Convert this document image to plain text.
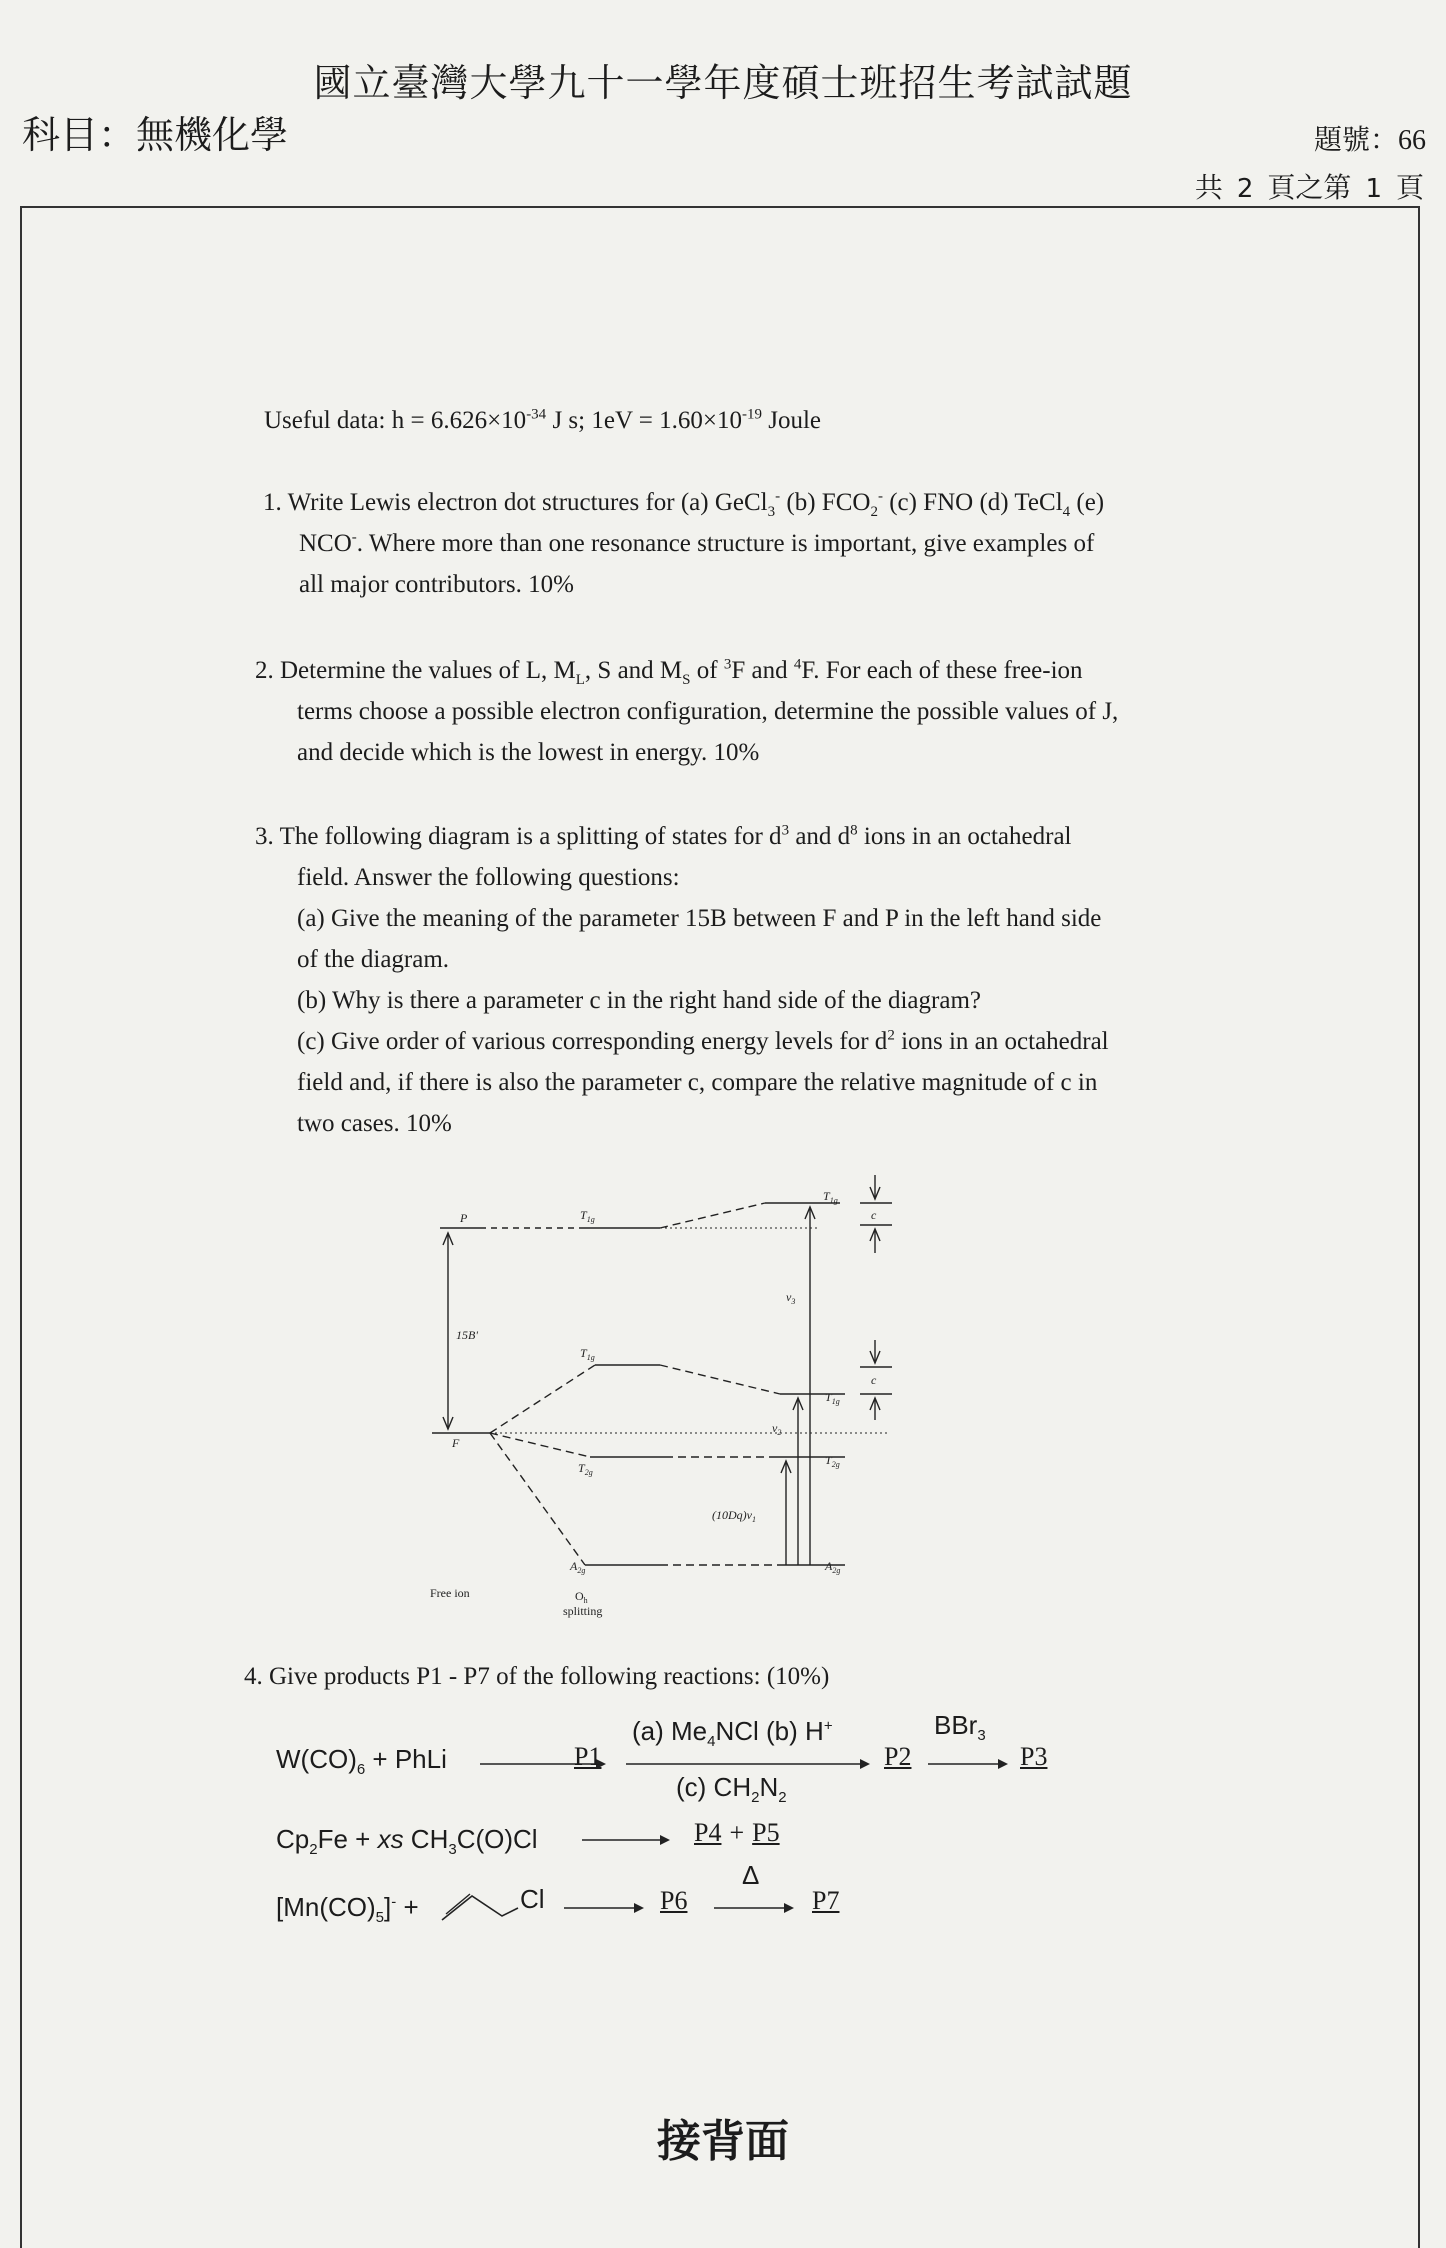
國立臺灣大學九十一學年度碩士班招生考試試題
科目：無機化學	題號：66
共 2 頁之第 1 頁
Useful data: $h = 6.626\times 10^{-34}$ J s; $1eV = 1.60\times 10^{-19}$ Joule
1. Write Lewis electron dot structures for (a) GeCl$_3$- (b) $FCO_2^-$ (c) FNO (d) TeCl$_4$ (e)
NCO-. Where more than one resonance structure is important, give examples of
all major contributors. 10%
2. Determine the values of L, $M_L$, S and $M_S$ of $^3$F and $^4$F. For each of these free-ion
terms choose a possible electron configuration, determine the possible values of J,
and decide which is the lowest in energy. 10%
3. The following diagram is a splitting of states for $d^3$ and $d^8$ ions in an octahedral
field. Answer the following questions:
(a) Give the meaning of the parameter 15B between F and P in the left hand side
of the diagram.
(b) Why is there a parameter c in the right hand side of the diagram?
(c) Give order of various corresponding energy levels for $d^2$ ions in an octahedral
field and, if there is also the parameter c, compare the relative magnitude of c in
two cases. 10%
P
F
15B'
$T_{1g}$
$T_{1g}$
$T_{1g}$
$T_{1g}$
$T_{2g}$
$T_{2g}$
$A_{2g}$	$A_{2g}$
$\nu_3$
$\nu_2$
$(10Dq)\nu_1$
c
c
Free ion	$O_h$
splitting
4. Give products P1 - P7 of the following reactions: (10%)
$W(CO)_6$ + PhLi	P1
(a) $Me_4NCl$ (b) H+
(c) $CH_2N_2$
P2
BBr$_3$
P3
$Cp_2Fe$ + xs $CH_3C(O)Cl$	P4 + P5
$[Mn(CO)_5]^-$ +	Cl	P6
Δ
P7
接背面
